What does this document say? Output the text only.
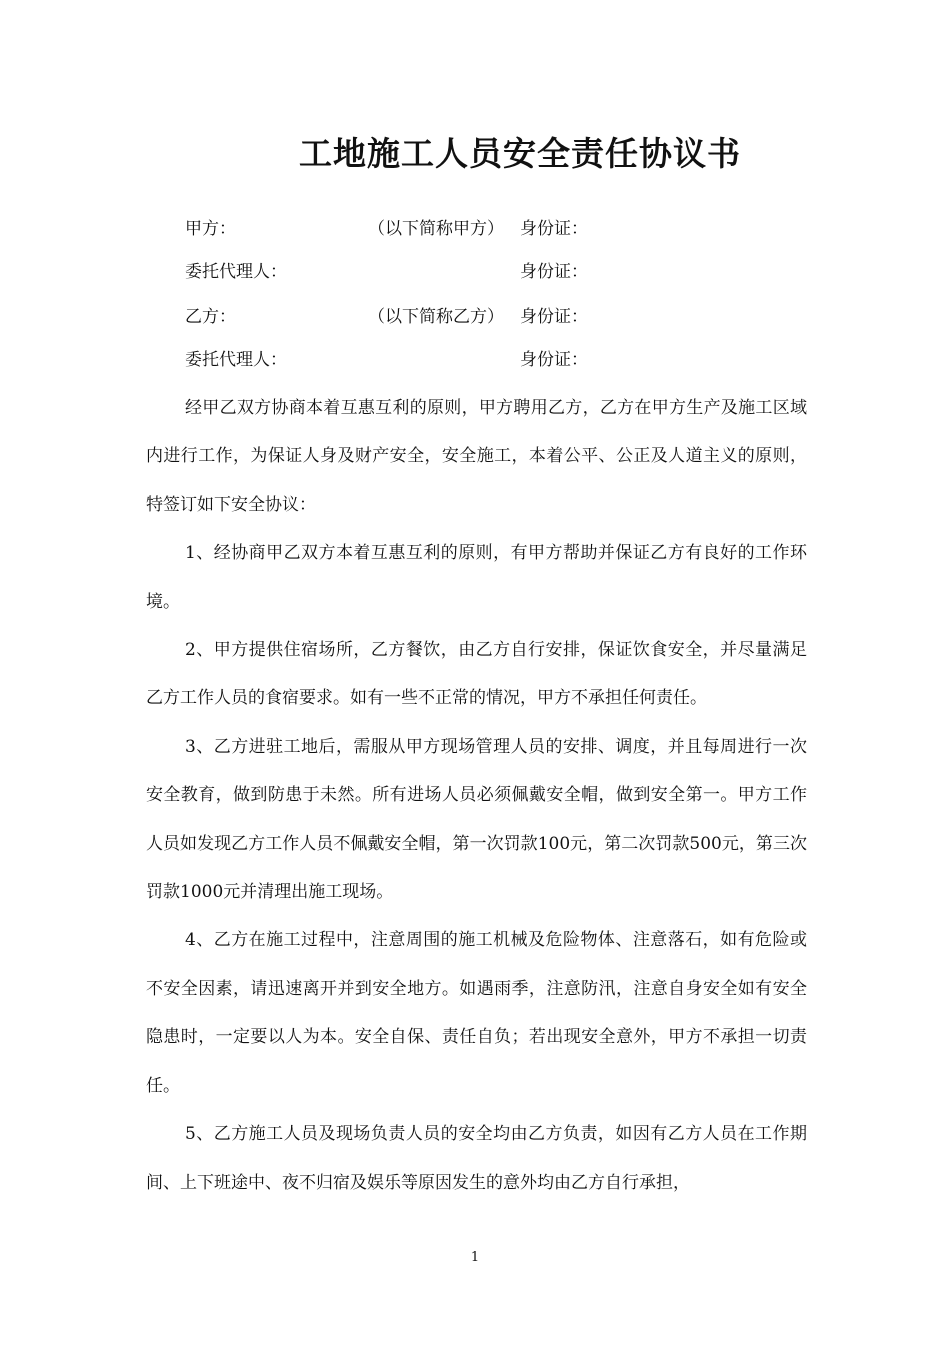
工地施工人员安全责任协议书
甲方：	（以下简称甲方） 身份证：
委托代理人：	身份证：
乙方：	（以下简称乙方） 身份证：
委托代理人：	身份证：

经甲乙双方协商本着互惠互利的原则，甲方聘用乙方，乙方在甲方生产及施工区域内进行工作，为保证人身及财产安全，安全施工，本着公平、公正及人道主义的原则，特签订如下安全协议：

1、经协商甲乙双方本着互惠互利的原则，有甲方帮助并保证乙方有良好的工作环境。

2、甲方提供住宿场所，乙方餐饮，由乙方自行安排，保证饮食安全，并尽量满足乙方工作人员的食宿要求。如有一些不正常的情况，甲方不承担任何责任。

3、乙方进驻工地后，需服从甲方现场管理人员的安排、调度，并且每周进行一次安全教育，做到防患于未然。所有进场人员必须佩戴安全帽，做到安全第一。甲方工作人员如发现乙方工作人员不佩戴安全帽，第一次罚款100元，第二次罚款500元，第三次罚款1000元并清理出施工现场。

4、乙方在施工过程中，注意周围的施工机械及危险物体、注意落石，如有危险或不安全因素，请迅速离开并到安全地方。如遇雨季，注意防汛，注意自身安全如有安全隐患时，一定要以人为本。安全自保、责任自负；若出现安全意外，甲方不承担一切责任。

5、乙方施工人员及现场负责人员的安全均由乙方负责，如因有乙方人员在工作期间、上下班途中、夜不归宿及娱乐等原因发生的意外均由乙方自行承担，

1
